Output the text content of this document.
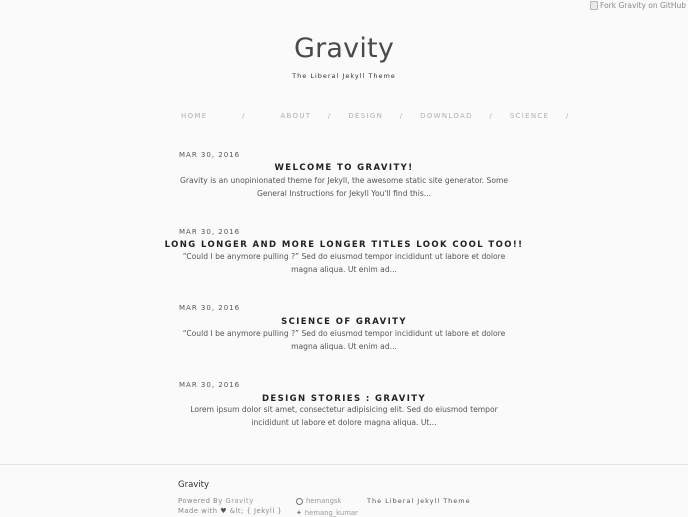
Fork Gravity on GitHub
Gravity
The Liberal Jekyll Theme
HOME	/	ABOUT	/	DESIGN	/	DOWNLOAD	/	SCIENCE	/
MAR 30, 2016
WELCOME TO GRAVITY!
Gravity is an unopinionated theme for Jekyll, the awesome static site generator. Some General Instructions for Jekyll You'll find this...
MAR 30, 2016
LONG LONGER AND MORE LONGER TITLES LOOK COOL TOO!!
“Could I be anymore pulling ?” Sed do eiusmod tempor incididunt ut labore et dolore magna aliqua. Ut enim ad...
MAR 30, 2016
SCIENCE OF GRAVITY
“Could I be anymore pulling ?” Sed do eiusmod tempor incididunt ut labore et dolore magna aliqua. Ut enim ad...
MAR 30, 2016
DESIGN STORIES : GRAVITY
Lorem ipsum dolor sit amet, consectetur adipisicing elit. Sed do eiusmod tempor incididunt ut labore et dolore magna aliqua. Ut...
Gravity
Powered By Gravity
Made with ♥ &lt; { Jekyll }
hemangsk
✦ hemang_kumar
The Liberal Jekyll Theme
